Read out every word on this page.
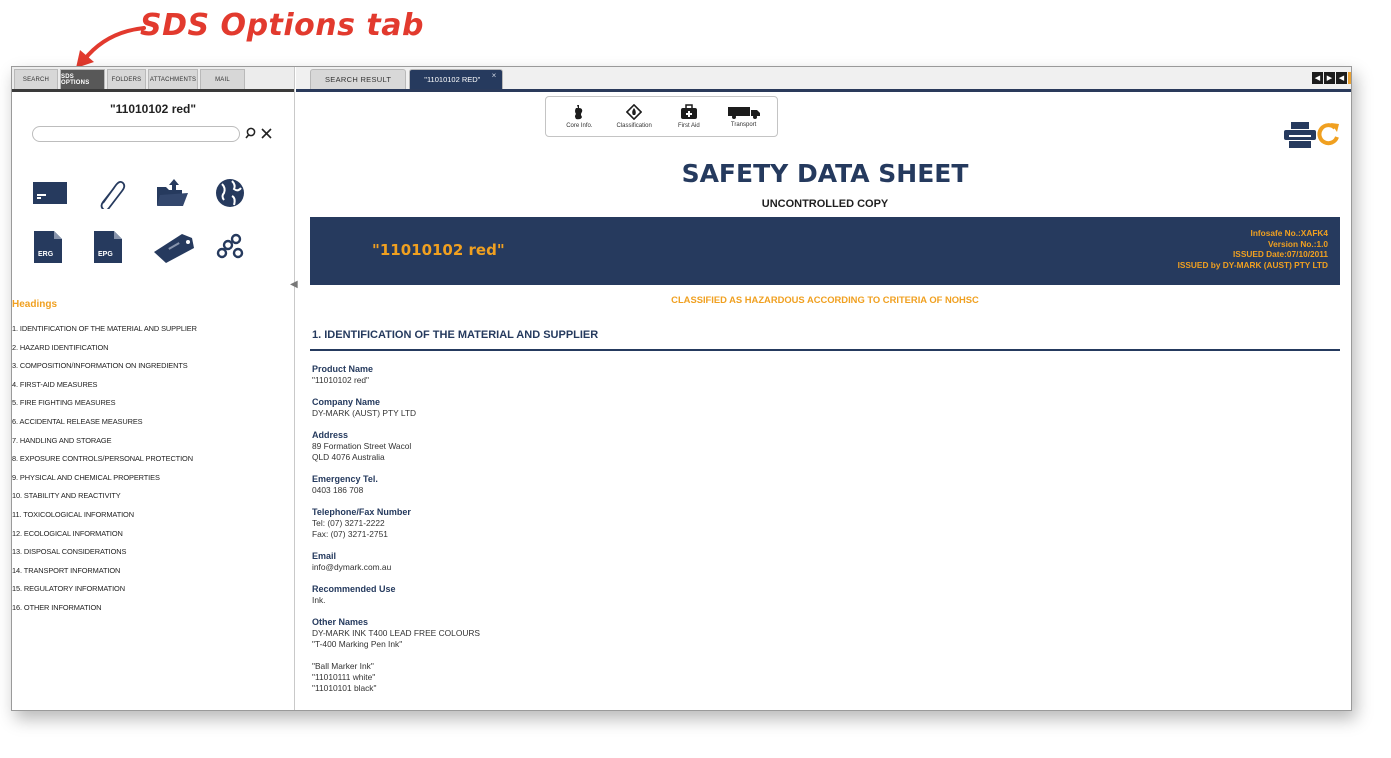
SDS Options tab
SEARCH	SDS OPTIONS	FOLDERS	ATTACHMENTS	MAIL
"11010102 red"
ERG	EPG
Headings
1. IDENTIFICATION OF THE MATERIAL AND SUPPLIER
2. HAZARD IDENTIFICATION
3. COMPOSITION/INFORMATION ON INGREDIENTS
4. FIRST-AID MEASURES
5. FIRE FIGHTING MEASURES
6. ACCIDENTAL RELEASE MEASURES
7. HANDLING AND STORAGE
8. EXPOSURE CONTROLS/PERSONAL PROTECTION
9. PHYSICAL AND CHEMICAL PROPERTIES
10. STABILITY AND REACTIVITY
11. TOXICOLOGICAL INFORMATION
12. ECOLOGICAL INFORMATION
13. DISPOSAL CONSIDERATIONS
14. TRANSPORT INFORMATION
15. REGULATORY INFORMATION
16. OTHER INFORMATION
◀
SEARCH RESULT	"11010102 RED" ×	◀ ▶ ◀
Core Info.	Classification	First Aid	Transport
SAFETY DATA SHEET
UNCONTROLLED COPY
"11010102 red"
Infosafe No.:XAFK4
Version No.:1.0
ISSUED Date:07/10/2011
ISSUED by DY-MARK (AUST) PTY LTD
CLASSIFIED AS HAZARDOUS ACCORDING TO CRITERIA OF NOHSC
1. IDENTIFICATION OF THE MATERIAL AND SUPPLIER
Product Name
"11010102 red"
Company Name
DY-MARK (AUST) PTY LTD
Address
89 Formation Street Wacol
QLD 4076 Australia
Emergency Tel.
0403 186 708
Telephone/Fax Number
Tel: (07) 3271-2222
Fax: (07) 3271-2751
Email
info@dymark.com.au
Recommended Use
Ink.
Other Names
DY-MARK INK T400 LEAD FREE COLOURS
"T-400 Marking Pen Ink"
"Ball Marker Ink"
"11010111 white"
"11010101 black"
